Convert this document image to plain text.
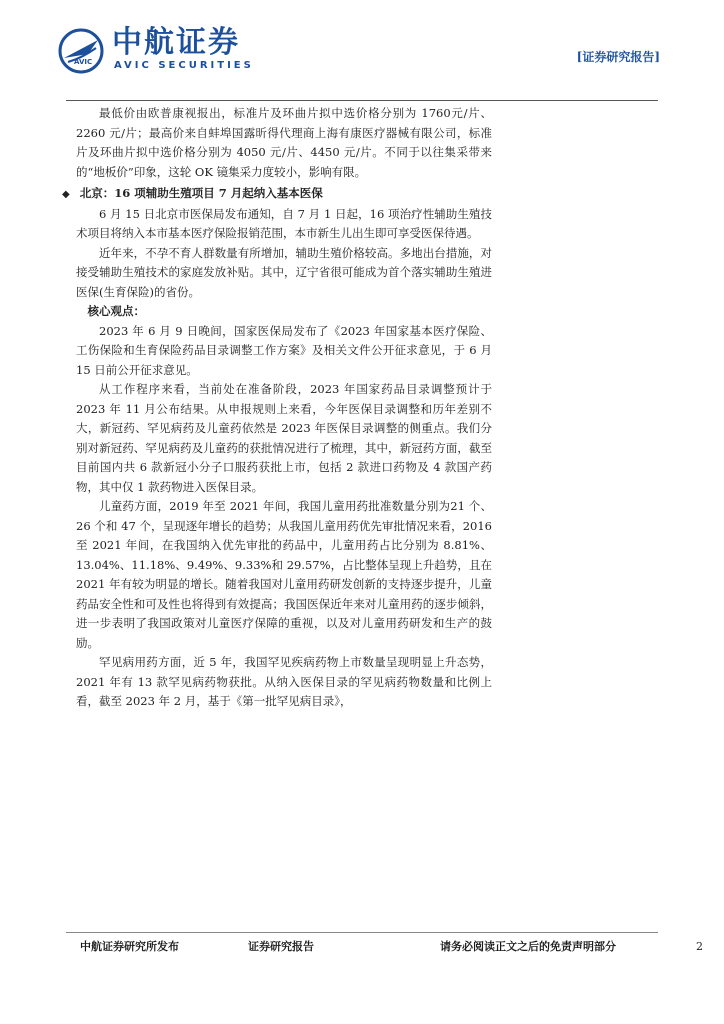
AVIC
中航证券
AVIC SECURITIES
[证券研究报告]

最低价由欧普康视报出，标准片及环曲片拟中选价格分别为 1760元/片、2260 元/片；最高价来自蚌埠国露昕得代理商上海有康医疗器械有限公司，标准片及环曲片拟中选价格分别为 4050 元/片、4450 元/片。不同于以往集采带来的“地板价”印象，这轮 OK 镜集采力度较小，影响有限。

◆ 北京：16 项辅助生殖项目 7 月起纳入基本医保

6 月 15 日北京市医保局发布通知，自 7 月 1 日起，16 项治疗性辅助生殖技术项目将纳入本市基本医疗保险报销范围，本市新生儿出生即可享受医保待遇。

近年来，不孕不育人群数量有所增加，辅助生殖价格较高。多地出台措施，对接受辅助生殖技术的家庭发放补贴。其中，辽宁省很可能成为首个落实辅助生殖进医保(生育保险)的省份。

核心观点：

2023 年 6 月 9 日晚间，国家医保局发布了《2023 年国家基本医疗保险、工伤保险和生育保险药品目录调整工作方案》及相关文件公开征求意见，于 6 月 15 日前公开征求意见。

从工作程序来看，当前处在准备阶段，2023 年国家药品目录调整预计于 2023 年 11 月公布结果。从申报规则上来看，今年医保目录调整和历年差别不大，新冠药、罕见病药及儿童药依然是 2023 年医保目录调整的侧重点。我们分别对新冠药、罕见病药及儿童药的获批情况进行了梳理，其中，新冠药方面，截至目前国内共 6 款新冠小分子口服药获批上市，包括 2 款进口药物及 4 款国产药物，其中仅 1 款药物进入医保目录。

儿童药方面，2019 年至 2021 年间，我国儿童用药批准数量分别为21 个、26 个和 47 个，呈现逐年增长的趋势；从我国儿童用药优先审批情况来看，2016 至 2021 年间，在我国纳入优先审批的药品中，儿童用药占比分别为 8.81%、13.04%、11.18%、9.49%、9.33%和 29.57%，占比整体呈现上升趋势，且在 2021 年有较为明显的增长。随着我国对儿童用药研发创新的支持逐步提升，儿童药品安全性和可及性也将得到有效提高；我国医保近年来对儿童用药的逐步倾斜，进一步表明了我国政策对儿童医疗保障的重视，以及对儿童用药研发和生产的鼓励。

罕见病用药方面，近 5 年，我国罕见疾病药物上市数量呈现明显上升态势，2021 年有 13 款罕见病药物获批。从纳入医保目录的罕见病药物数量和比例上看，截至 2023 年 2 月，基于《第一批罕见病目录》，

中航证券研究所发布	证券研究报告	请务必阅读正文之后的免责声明部分	2
